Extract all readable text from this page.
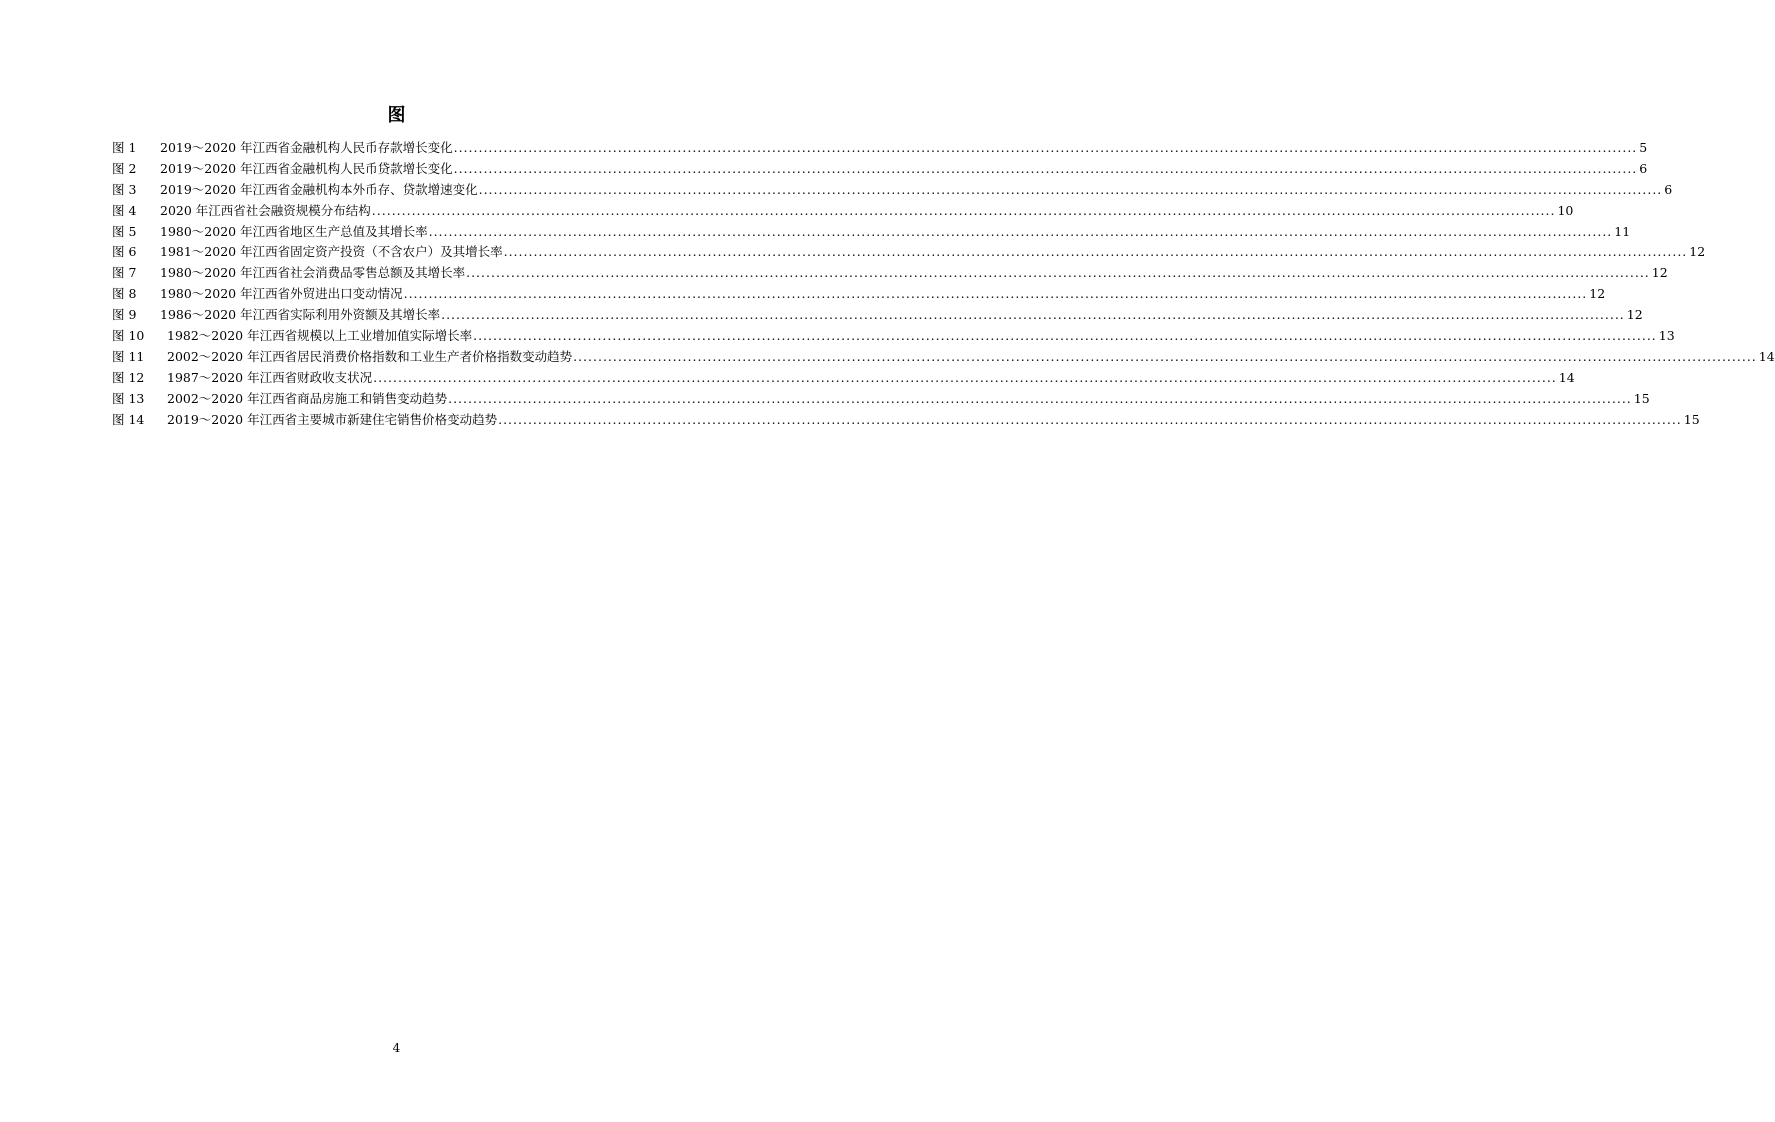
图
图 1	2019～2020 年江西省金融机构人民币存款增长变化 .....	5
图 2	2019～2020 年江西省金融机构人民币贷款增长变化 .....	6
图 3	2019～2020 年江西省金融机构本外币存、贷款增速变化 .....	6
图 4	2020 年江西省社会融资规模分布结构 .....	10
图 5	1980～2020 年江西省地区生产总值及其增长率 .....	11
图 6	1981～2020 年江西省固定资产投资（不含农户）及其增长率 .....	12
图 7	1980～2020 年江西省社会消费品零售总额及其增长率 .....	12
图 8	1980～2020 年江西省外贸进出口变动情况 .....	12
图 9	1986～2020 年江西省实际利用外资额及其增长率 .....	12
图 10	1982～2020 年江西省规模以上工业增加值实际增长率 .....	13
图 11	2002～2020 年江西省居民消费价格指数和工业生产者价格指数变动趋势 .....	14
图 12	1987～2020 年江西省财政收支状况 .....	14
图 13	2002～2020 年江西省商品房施工和销售变动趋势 .....	15
图 14	2019～2020 年江西省主要城市新建住宅销售价格变动趋势 .....	15
4
